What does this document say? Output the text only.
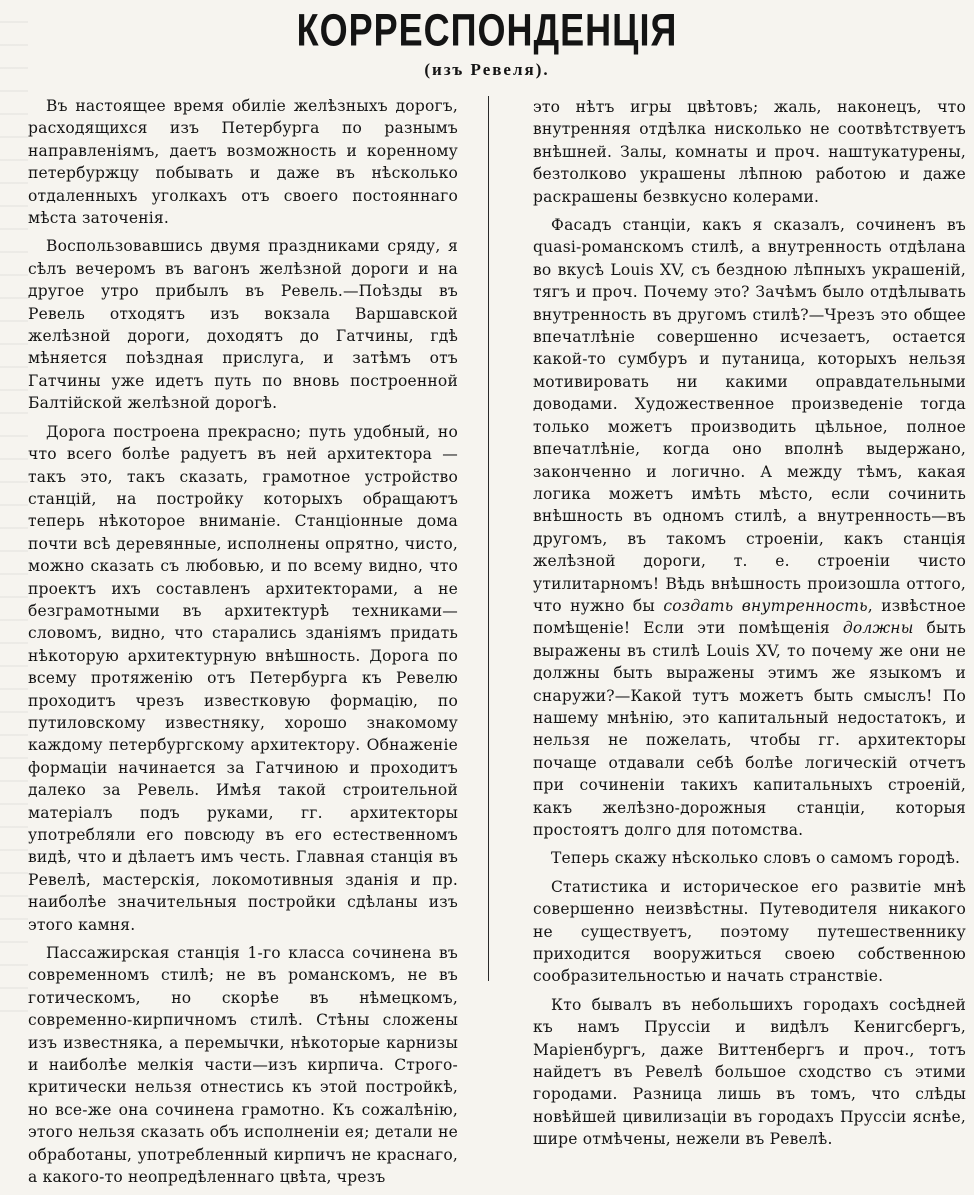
КОРРЕСПОНДЕНЦІЯ
(изъ Ревеля).

Въ настоящее время обиліе желѣзныхъ дорогъ, расходящихся изъ Петербурга по разнымъ направленіямъ, даетъ возможность и коренному петербуржцу побывать и даже въ нѣсколько отдаленныхъ уголкахъ отъ своего постояннаго мѣста заточенія.

Воспользовавшись двумя праздниками сряду, я сѣлъ вечеромъ въ вагонъ желѣзной дороги и на другое утро прибылъ въ Ревель.—Поѣзды въ Ревель отходятъ изъ вокзала Варшавской желѣзной дороги, доходятъ до Гатчины, гдѣ мѣняется поѣздная прислуга, и затѣмъ отъ Гатчины уже идетъ путь по вновь построенной Балтійской желѣзной дорогѣ.

Дорога построена прекрасно; путь удобный, но что всего болѣе радуетъ въ ней архитектора — такъ это, такъ сказать, грамотное устройство станцій, на постройку которыхъ обращаютъ теперь нѣкоторое вниманіе. Станціонные дома почти всѣ деревянные, исполнены опрятно, чисто, можно сказать съ любовью, и по всему видно, что проектъ ихъ составленъ архитекторами, а не безграмотными въ архитектурѣ техниками—словомъ, видно, что старались зданіямъ придать нѣкоторую архитектурную внѣшность. Дорога по всему протяженію отъ Петербурга къ Ревелю проходитъ чрезъ известковую формацію, по путиловскому известняку, хорошо знакомому каждому петербургскому архитектору. Обнаженіе формаціи начинается за Гатчиною и проходитъ далеко за Ревель. Имѣя такой строительной матеріалъ подъ руками, гг. архитекторы употребляли его повсюду въ его естественномъ видѣ, что и дѣлаетъ имъ честь. Главная станція въ Ревелѣ, мастерскія, локомотивныя зданія и пр. наиболѣе значительныя постройки сдѣланы изъ этого камня.

Пассажирская станція 1-го класса сочинена въ современномъ стилѣ; не въ романскомъ, не въ готическомъ, но скорѣе въ нѣмецкомъ, современно-кирпичномъ стилѣ. Стѣны сложены изъ известняка, а перемычки, нѣкоторые карнизы и наиболѣе мелкія части—изъ кирпича. Строго-критически нельзя отнестись къ этой постройкѣ, но все-же она сочинена грамотно. Къ сожалѣнію, этого нельзя сказать объ исполненіи ея; детали не обработаны, употребленный кирпичъ не краснаго, а какого-то неопредѣленнаго цвѣта, чрезъ

это нѣтъ игры цвѣтовъ; жаль, наконецъ, что внутренняя отдѣлка нисколько не соотвѣтствуетъ внѣшней. Залы, комнаты и проч. наштукатурены, безтолково украшены лѣпною работою и даже раскрашены безвкусно колерами.

Фасадъ станціи, какъ я сказалъ, сочиненъ въ quasi-романскомъ стилѣ, а внутренность отдѣлана во вкусѣ Louis XV, съ бездною лѣпныхъ украшеній, тягъ и проч. Почему это? Зачѣмъ было отдѣлывать внутренность въ другомъ стилѣ?—Чрезъ это общее впечатлѣніе совершенно исчезаетъ, остается какой-то сумбуръ и путаница, которыхъ нельзя мотивировать ни какими оправдательными доводами. Художественное произведеніе тогда только можетъ производить цѣльное, полное впечатлѣніе, когда оно вполнѣ выдержано, законченно и логично. А между тѣмъ, какая логика можетъ имѣть мѣсто, если сочинить внѣшность въ одномъ стилѣ, а внутренность—въ другомъ, въ такомъ строеніи, какъ станція желѣзной дороги, т. е. строеніи чисто утилитарномъ! Вѣдь внѣшность произошла оттого, что нужно бы создать внутренность, извѣстное помѣщеніе! Если эти помѣщенія должны быть выражены въ стилѣ Louis XV, то почему же они не должны быть выражены этимъ же языкомъ и снаружи?—Какой тутъ можетъ быть смыслъ! По нашему мнѣнію, это капитальный недостатокъ, и нельзя не пожелать, чтобы гг. архитекторы почаще отдавали себѣ болѣе логическій отчетъ при сочиненіи такихъ капитальныхъ строеній, какъ желѣзно-дорожныя станціи, которыя простоятъ долго для потомства.

Теперь скажу нѣсколько словъ о самомъ городѣ.

Статистика и историческое его развитіе мнѣ совершенно неизвѣстны. Путеводителя никакого не существуетъ, поэтому путешественнику приходится вооружиться своею собственною сообразительностью и начать странствіе.

Кто бывалъ въ небольшихъ городахъ сосѣдней къ намъ Пруссіи и видѣлъ Кенигсбергъ, Маріенбургъ, даже Виттенбергъ и проч., тотъ найдетъ въ Ревелѣ большое сходство съ этими городами. Разница лишь въ томъ, что слѣды новѣйшей цивилизаціи въ городахъ Пруссіи яснѣе, шире отмѣчены, нежели въ Ревелѣ.
